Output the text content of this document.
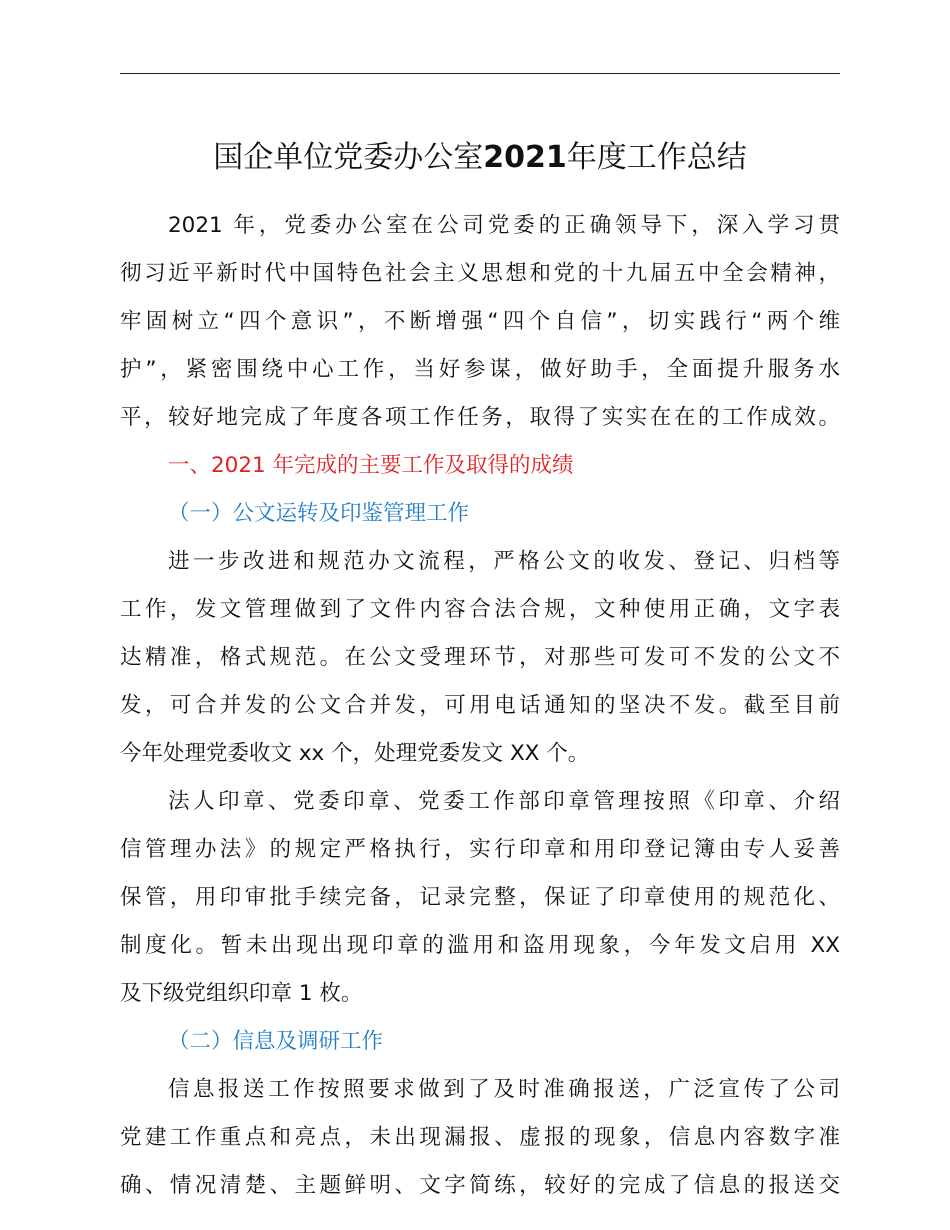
国企单位党委办公室2021年度工作总结
2021 年，党委办公室在公司党委的正确领导下，深入学习贯
彻习近平新时代中国特色社会主义思想和党的十九届五中全会精神，
牢固树立“四个意识”，不断增强“四个自信”，切实践行“两个维
护”，紧密围绕中心工作，当好参谋，做好助手，全面提升服务水
平，较好地完成了年度各项工作任务，取得了实实在在的工作成效。
一、2021 年完成的主要工作及取得的成绩
（一）公文运转及印鉴管理工作
进一步改进和规范办文流程，严格公文的收发、登记、归档等
工作，发文管理做到了文件内容合法合规，文种使用正确，文字表
达精准，格式规范。在公文受理环节，对那些可发可不发的公文不
发，可合并发的公文合并发，可用电话通知的坚决不发。截至目前
今年处理党委收文 xx 个，处理党委发文 XX 个。
法人印章、党委印章、党委工作部印章管理按照《印章、介绍
信管理办法》的规定严格执行，实行印章和用印登记簿由专人妥善
保管，用印审批手续完备，记录完整，保证了印章使用的规范化、
制度化。暂未出现出现印章的滥用和盗用现象，今年发文启用 XX
及下级党组织印章 1 枚。
（二）信息及调研工作
信息报送工作按照要求做到了及时准确报送，广泛宣传了公司
党建工作重点和亮点，未出现漏报、虚报的现象，信息内容数字准
确、情况清楚、主题鲜明、文字简练，较好的完成了信息的报送交
